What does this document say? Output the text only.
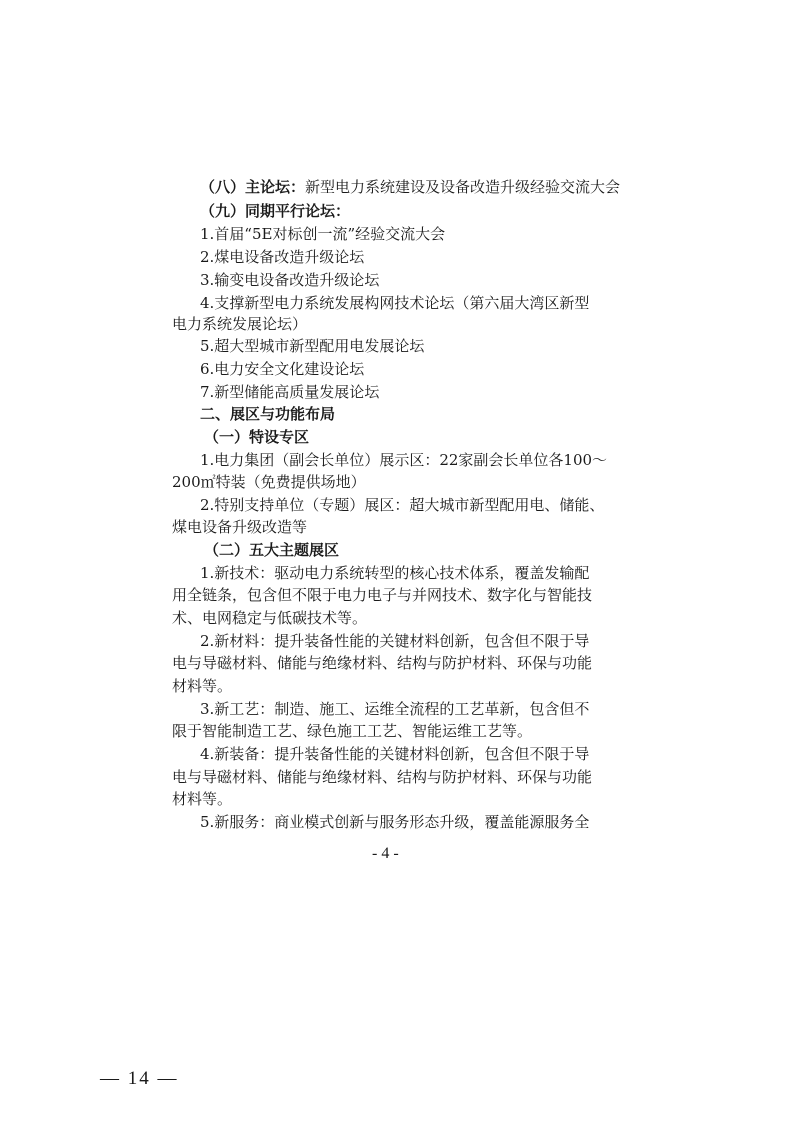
（八）主论坛：新型电力系统建设及设备改造升级经验交流大会
（九）同期平行论坛：
1.首届“5E对标创一流”经验交流大会
2.煤电设备改造升级论坛
3.输变电设备改造升级论坛
4.支撑新型电力系统发展构网技术论坛（第六届大湾区新型
电力系统发展论坛）
5.超大型城市新型配用电发展论坛
6.电力安全文化建设论坛
7.新型储能高质量发展论坛
二、展区与功能布局
（一）特设专区
1.电力集团（副会长单位）展示区：22家副会长单位各100～
200㎡特装（免费提供场地）
2.特别支持单位（专题）展区：超大城市新型配用电、储能、
煤电设备升级改造等
（二）五大主题展区
1.新技术：驱动电力系统转型的核心技术体系，覆盖发输配
用全链条，包含但不限于电力电子与并网技术、数字化与智能技
术、电网稳定与低碳技术等。
2.新材料：提升装备性能的关键材料创新，包含但不限于导
电与导磁材料、储能与绝缘材料、结构与防护材料、环保与功能
材料等。
3.新工艺：制造、施工、运维全流程的工艺革新，包含但不
限于智能制造工艺、绿色施工工艺、智能运维工艺等。
4.新装备：提升装备性能的关键材料创新，包含但不限于导
电与导磁材料、储能与绝缘材料、结构与防护材料、环保与功能
材料等。
5.新服务：商业模式创新与服务形态升级，覆盖能源服务全
- 4 -
— 14 —
